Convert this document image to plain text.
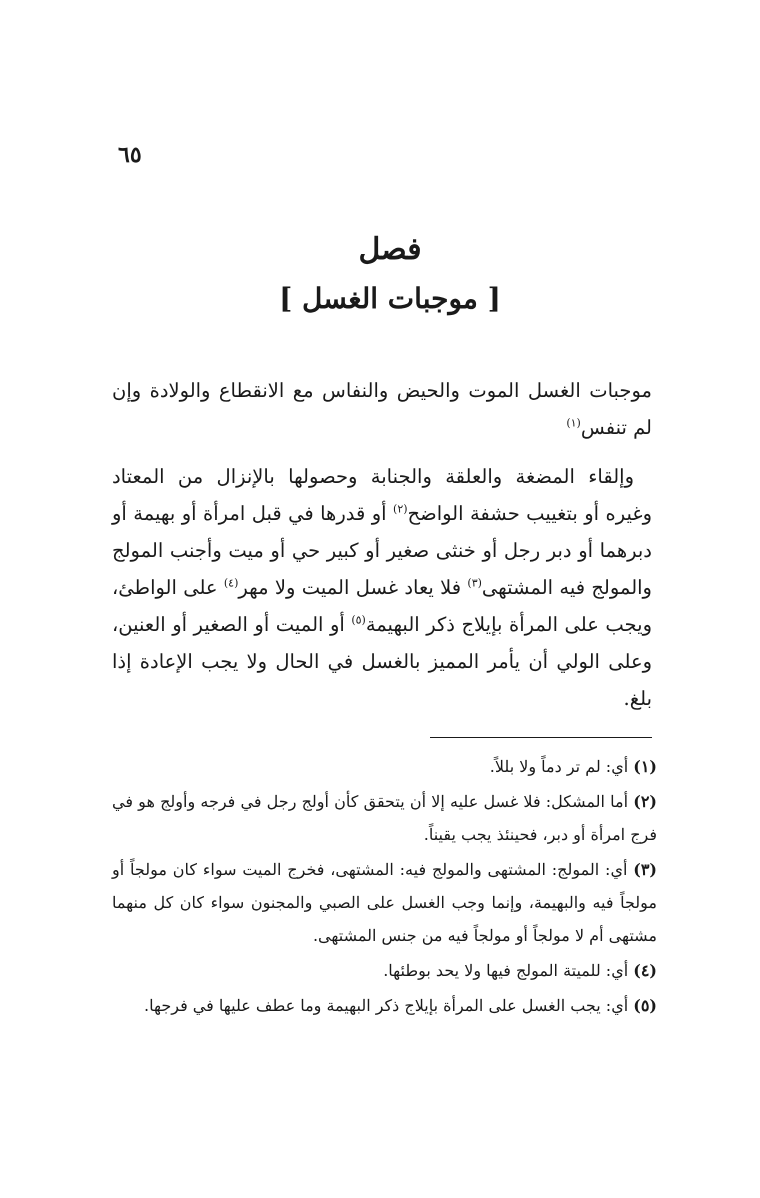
٦٥
فصل
[ موجبات الغسل ]

موجبات الغسل الموت والحيض والنفاس مع الانقطاع والولادة وإن لم تنفس$^{(١)}$

وإلقاء المضغة والعلقة والجنابة وحصولها بالإنزال من المعتاد وغيره أو بتغييب حشفة الواضح$^{(٢)}$ أو قدرها في قبل امرأة أو بهيمة أو دبرهما أو دبر رجل أو خنثى صغير أو كبير حي أو ميت وأجنب المولج والمولج فيه المشتهى$^{(٣)}$ فلا يعاد غسل الميت ولا مهر$^{(٤)}$ على الواطئ، ويجب على المرأة بإيلاج ذكر البهيمة$^{(٥)}$ أو الميت أو الصغير أو العنين، وعلى الولي أن يأمر المميز بالغسل في الحال ولا يجب الإعادة إذا بلغ.

(١) أي: لم تر دماً ولا بللاً.

(٢) أما المشكل: فلا غسل عليه إلا أن يتحقق كأن أولج رجل في فرجه وأولج هو في فرج امرأة أو دبر، فحينئذ يجب يقيناً.

(٣) أي: المولج: المشتهى والمولج فيه: المشتهى، فخرج الميت سواء كان مولجاً أو مولجاً فيه والبهيمة، وإنما وجب الغسل على الصبي والمجنون سواء كان كل منهما مشتهى أم لا مولجاً أو مولجاً فيه من جنس المشتهى.

(٤) أي: للميتة المولج فيها ولا يحد بوطئها.

(٥) أي: يجب الغسل على المرأة بإيلاج ذكر البهيمة وما عطف عليها في فرجها.
